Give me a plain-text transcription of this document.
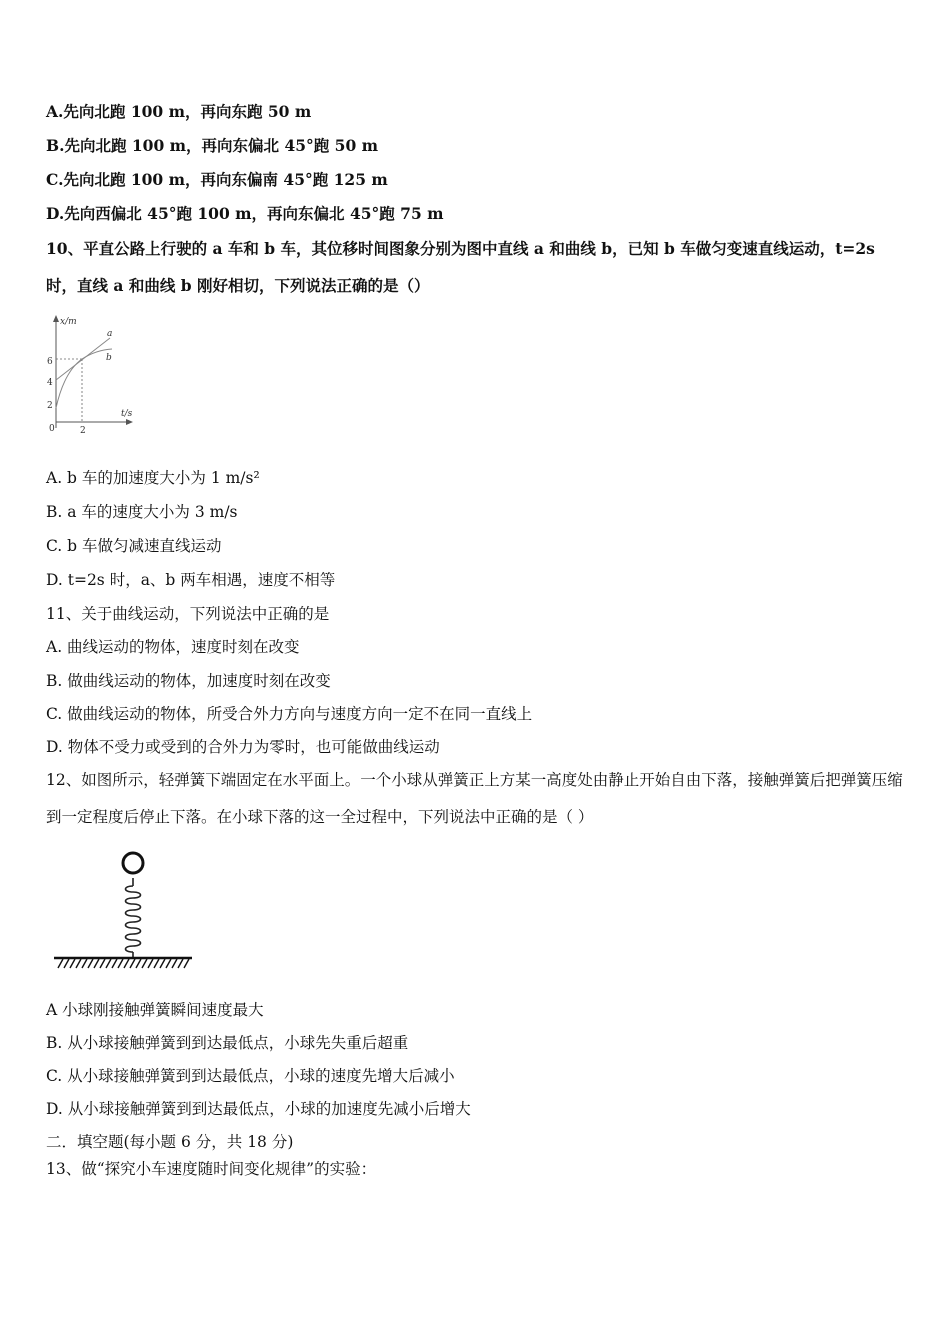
A.先向北跑 100 m，再向东跑 50 m
B.先向北跑 100 m，再向东偏北 45°跑 50 m
C.先向北跑 100 m，再向东偏南 45°跑 125 m
D.先向西偏北 45°跑 100 m，再向东偏北 45°跑 75 m
10、平直公路上行驶的 a 车和 b 车，其位移时间图象分别为图中直线 a 和曲线 b，已知 b 车做匀变速直线运动，t=2s 时，直线 a 和曲线 b 刚好相切，下列说法正确的是（）
x/m
t/s
6
4
2
0	2
a
b
A. b 车的加速度大小为 1 m/s²
B. a 车的速度大小为 3 m/s
C. b 车做匀减速直线运动
D. t=2s 时，a、b 两车相遇，速度不相等
11、关于曲线运动，下列说法中正确的是
A. 曲线运动的物体，速度时刻在改变
B. 做曲线运动的物体，加速度时刻在改变
C. 做曲线运动的物体，所受合外力方向与速度方向一定不在同一直线上
D. 物体不受力或受到的合外力为零时，也可能做曲线运动
12、如图所示，轻弹簧下端固定在水平面上。一个小球从弹簧正上方某一高度处由静止开始自由下落，接触弹簧后把弹簧压缩到一定程度后停止下落。在小球下落的这一全过程中，下列说法中正确的是（ ）
A 小球刚接触弹簧瞬间速度最大
B. 从小球接触弹簧到到达最低点，小球先失重后超重
C. 从小球接触弹簧到到达最低点，小球的速度先增大后减小
D. 从小球接触弹簧到到达最低点，小球的加速度先减小后增大
二．填空题(每小题 6 分，共 18 分)
13、做“探究小车速度随时间变化规律”的实验：
